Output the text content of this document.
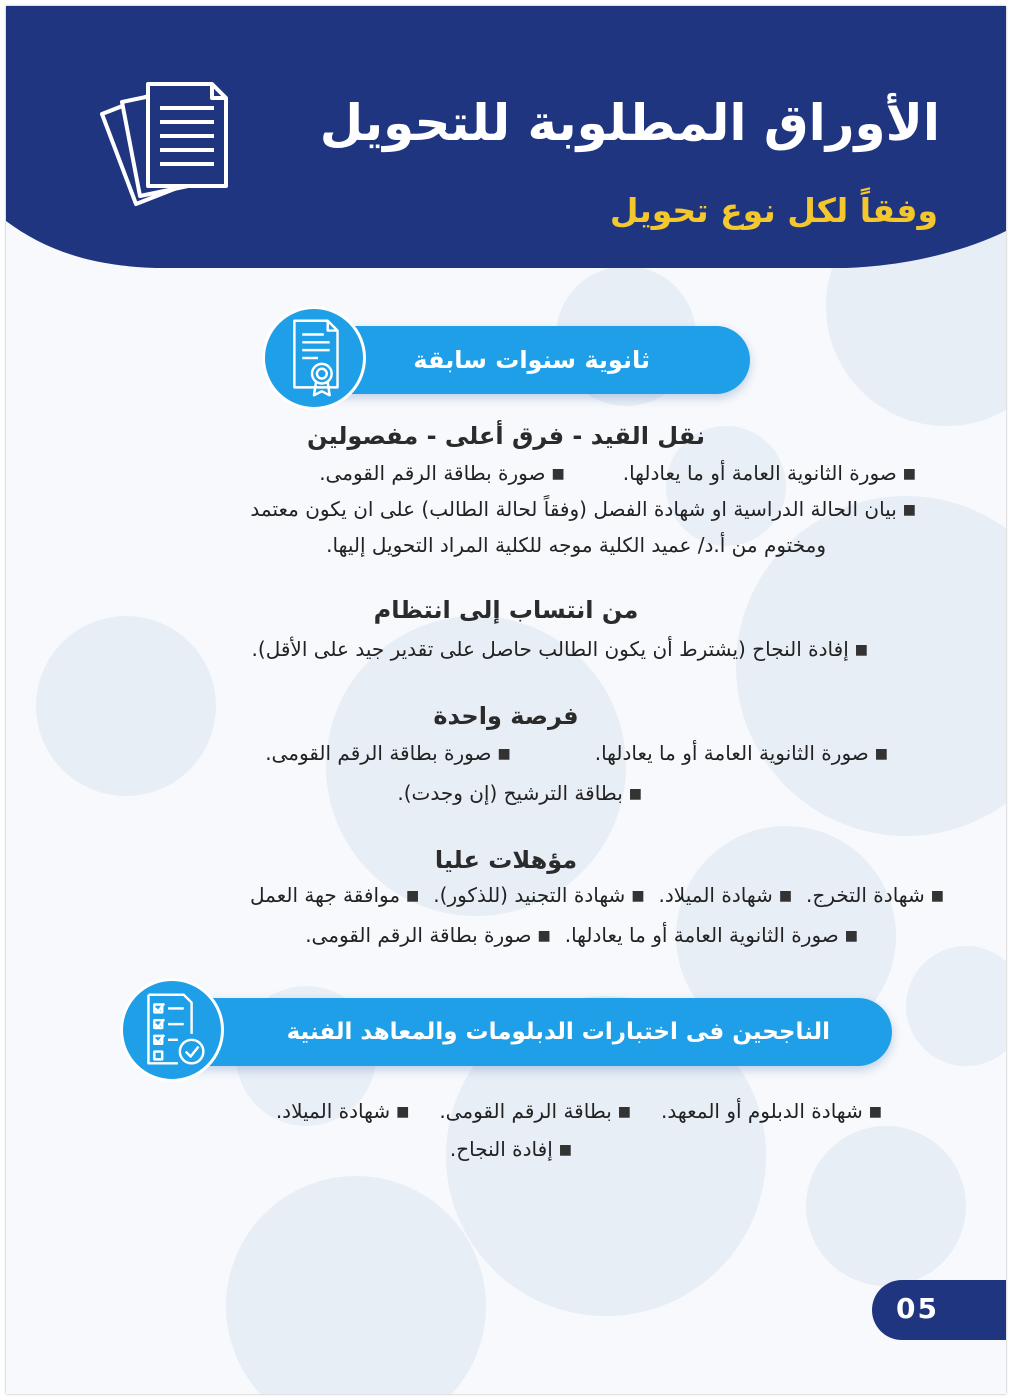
الأوراق المطلوبة للتحويل
وفقاً لكل نوع تحويل
ثانوية سنوات سابقة
نقل القيد - فرق أعلى - مفصولين
■صورة الثانوية العامة أو ما يعادلها.■صورة بطاقة الرقم القومى.
■بيان الحالة الدراسية او شهادة الفصل (وفقاً لحالة الطالب) على ان يكون معتمد
ومختوم من أ.د/ عميد الكلية موجه للكلية المراد التحويل إليها.
من انتساب إلى انتظام
■إفادة النجاح (يشترط أن يكون الطالب حاصل على تقدير جيد على الأقل).
فرصة واحدة
■صورة الثانوية العامة أو ما يعادلها.■صورة بطاقة الرقم القومى.
■بطاقة الترشيح (إن وجدت).
مؤهلات عليا
■شهادة التخرج.■شهادة الميلاد.■شهادة التجنيد (للذكور).■موافقة جهة العمل
■صورة الثانوية العامة أو ما يعادلها.■صورة بطاقة الرقم القومى.
الناجحين فى اختبارات الدبلومات والمعاهد الفنية
■شهادة الدبلوم أو المعهد.■بطاقة الرقم القومى.■شهادة الميلاد.
■إفادة النجاح.
05
